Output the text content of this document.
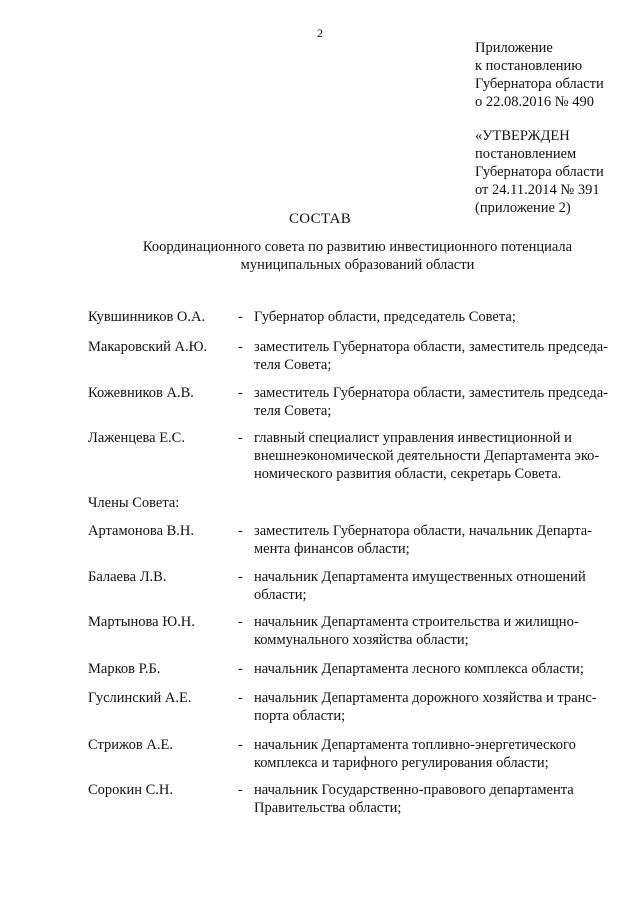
2
Приложение
к постановлению
Губернатора области
о 22.08.2016 № 490
«УТВЕРЖДЕН
постановлением
Губернатора области
от 24.11.2014 № 391
(приложение 2)
СОСТАВ
Координационного совета по развитию инвестиционного потенциала
муниципальных образований области
Члены Совета:
Кувшинников О.А. - Губернатор области, председатель Совета;
Макаровский А.Ю. - заместитель Губернатора области, заместитель председа-
теля Совета;
Кожевников А.В.	- заместитель Губернатора области, заместитель председа-
теля Совета;
Лаженцева Е.С.	- главный специалист управления инвестиционной и
внешнеэкономической деятельности Департамента эко-
номического развития области, секретарь Совета.
Артамонова В.Н.	- заместитель Губернатора области, начальник Департа-
мента финансов области;
Балаева Л.В.	- начальник Департамента имущественных отношений
области;
Мартынова Ю.Н.	- начальник Департамента строительства и жилищно-
коммунального хозяйства области;
Марков Р.Б.	- начальник Департамента лесного комплекса области;
Гуслинский А.Е.	- начальник Департамента дорожного хозяйства и транс-
порта области;
Стрижов А.Е.	- начальник Департамента топливно-энергетического
комплекса и тарифного регулирования области;
Сорокин С.Н.	- начальник Государственно-правового департамента
Правительства области;
